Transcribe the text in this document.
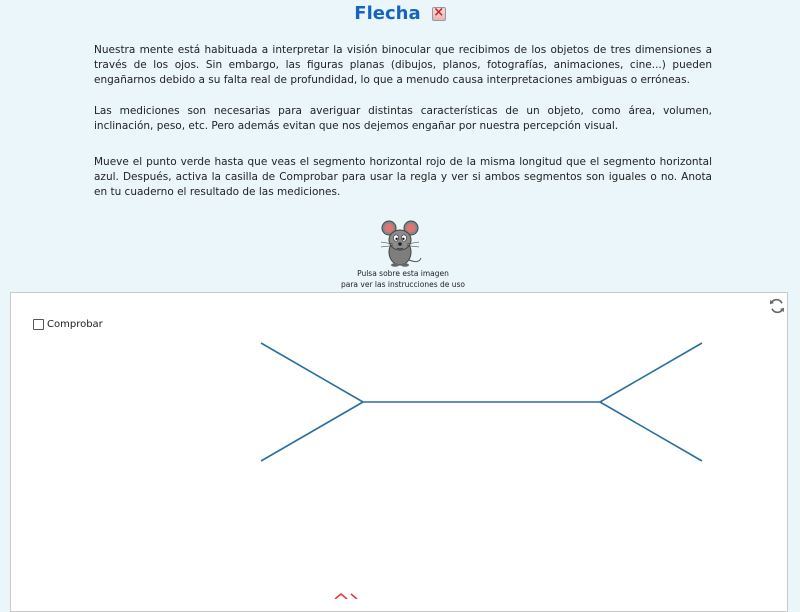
Flecha ×

Nuestra mente está habituada a interpretar la visión binocular que recibimos de los objetos de tres dimensiones a través de los ojos. Sin embargo, las figuras planas (dibujos, planos, fotografías, animaciones, cine...) pueden engañarnos debido a su falta real de profundidad, lo que a menudo causa interpretaciones ambiguas o erróneas.

Las mediciones son necesarias para averiguar distintas características de un objeto, como área, volumen, inclinación, peso, etc. Pero además evitan que nos dejemos engañar por nuestra percepción visual.

Mueve el punto verde hasta que veas el segmento horizontal rojo de la misma longitud que el segmento horizontal azul. Después, activa la casilla de Comprobar para usar la regla y ver si ambos segmentos son iguales o no. Anota en tu cuaderno el resultado de las mediciones.

Pulsa sobre esta imagen
para ver las instrucciones de uso
Comprobar
